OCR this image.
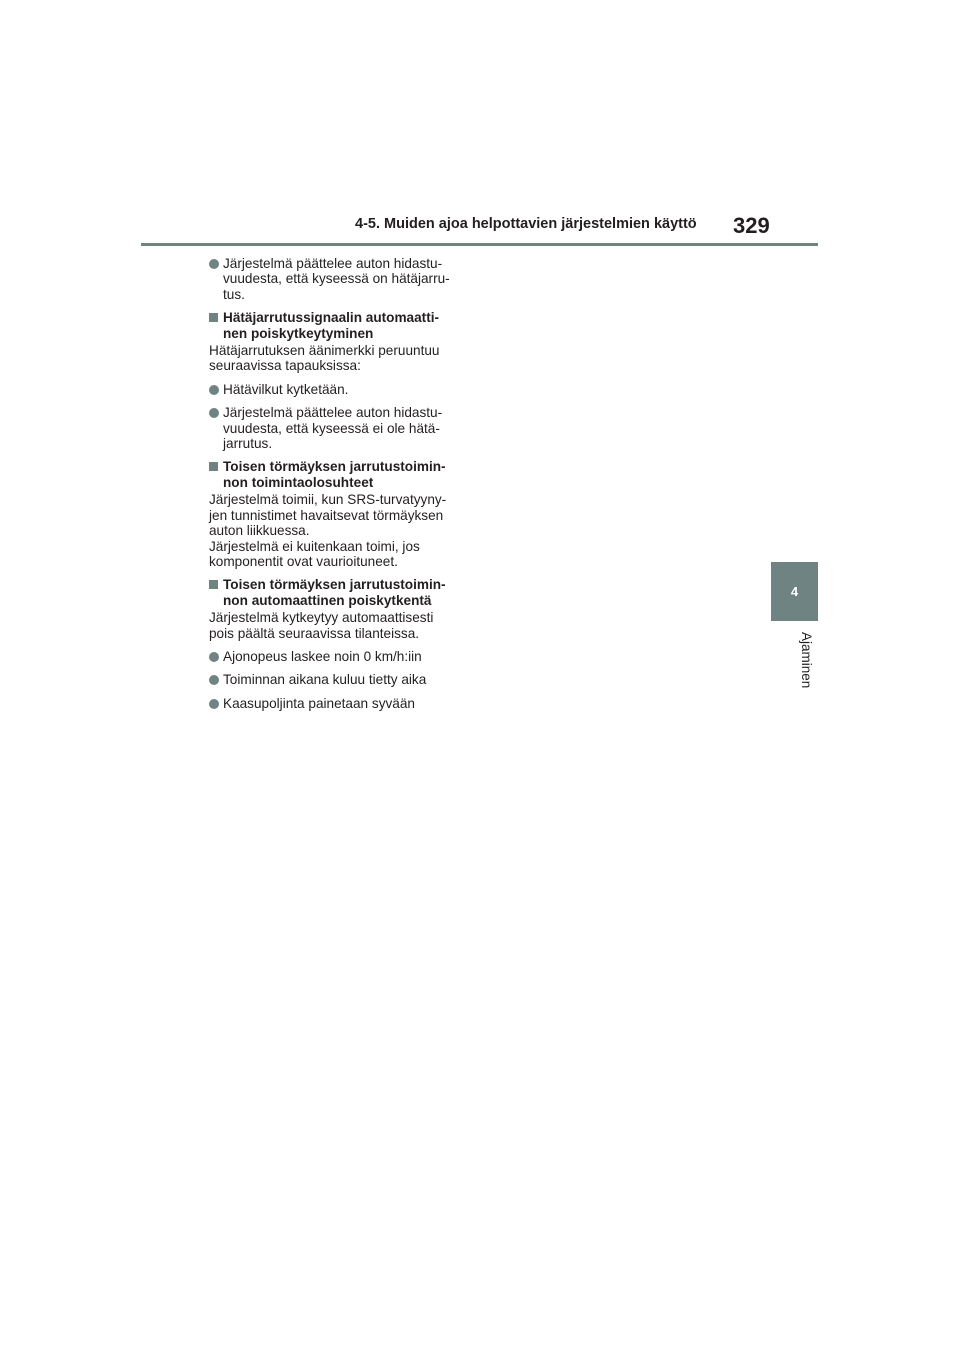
4-5. Muiden ajoa helpottavien järjestelmien käyttö 329
4
Ajaminen
Järjestelmä päättelee auton hidastu-
vuudesta, että kyseessä on hätäjarru-
tus.
Hätäjarrutussignaalin automaatti-
nen poiskytkeytyminen
Hätäjarrutuksen äänimerkki peruuntuu
seuraavissa tapauksissa:
Hätävilkut kytketään.
Järjestelmä päättelee auton hidastu-
vuudesta, että kyseessä ei ole hätä-
jarrutus.
Toisen törmäyksen jarrutustoimin-
non toimintaolosuhteet
Järjestelmä toimii, kun SRS-turvatyyny-
jen tunnistimet havaitsevat törmäyksen
auton liikkuessa.
Järjestelmä ei kuitenkaan toimi, jos
komponentit ovat vaurioituneet.
Toisen törmäyksen jarrutustoimin-
non automaattinen poiskytkentä
Järjestelmä kytkeytyy automaattisesti
pois päältä seuraavissa tilanteissa.
Ajonopeus laskee noin 0 km/h:iin
Toiminnan aikana kuluu tietty aika
Kaasupoljinta painetaan syvään
